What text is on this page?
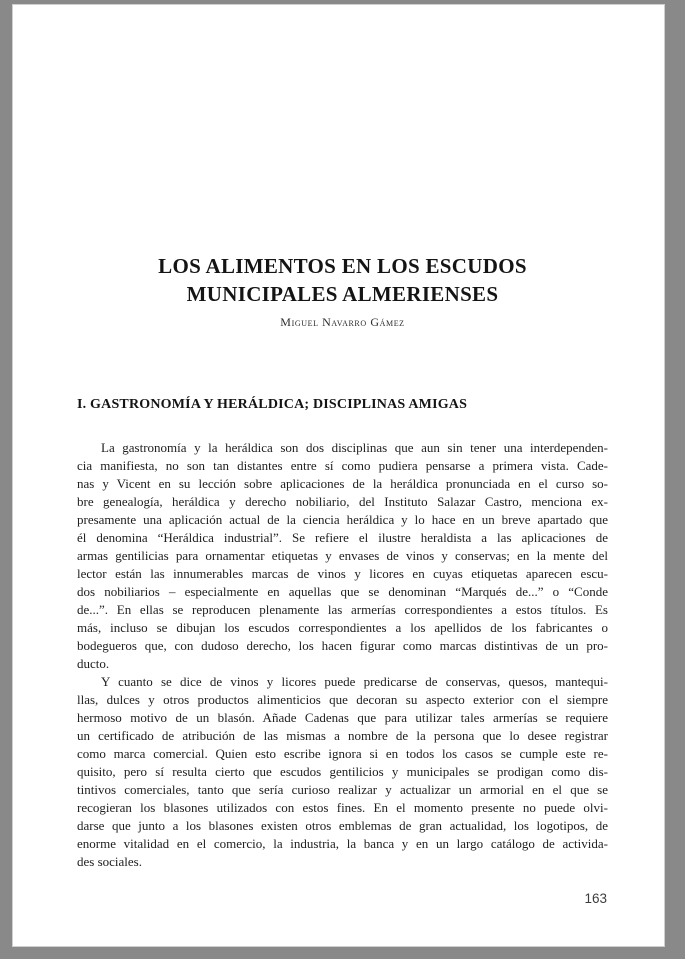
LOS ALIMENTOS EN LOS ESCUDOS
MUNICIPALES ALMERIENSES
Miguel Navarro Gámez
I. GASTRONOMÍA Y HERÁLDICA; DISCIPLINAS AMIGAS
La gastronomía y la heráldica son dos disciplinas que aun sin tener una interdependen-
cia manifiesta, no son tan distantes entre sí como pudiera pensarse a primera vista. Cade-
nas y Vicent en su lección sobre aplicaciones de la heráldica pronunciada en el curso so-
bre genealogía, heráldica y derecho nobiliario, del Instituto Salazar Castro, menciona ex-
presamente una aplicación actual de la ciencia heráldica y lo hace en un breve apartado que
él denomina “Heráldica industrial”. Se refiere el ilustre heraldista a las aplicaciones de
armas gentilicias para ornamentar etiquetas y envases de vinos y conservas; en la mente del
lector están las innumerables marcas de vinos y licores en cuyas etiquetas aparecen escu-
dos nobiliarios – especialmente en aquellas que se denominan “Marqués de...” o “Conde
de...”. En ellas se reproducen plenamente las armerías correspondientes a estos títulos. Es
más, incluso se dibujan los escudos correspondientes a los apellidos de los fabricantes o
bodegueros que, con dudoso derecho, los hacen figurar como marcas distintivas de un pro-
ducto.
Y cuanto se dice de vinos y licores puede predicarse de conservas, quesos, mantequi-
llas, dulces y otros productos alimenticios que decoran su aspecto exterior con el siempre
hermoso motivo de un blasón. Añade Cadenas que para utilizar tales armerías se requiere
un certificado de atribución de las mismas a nombre de la persona que lo desee registrar
como marca comercial. Quien esto escribe ignora si en todos los casos se cumple este re-
quisito, pero sí resulta cierto que escudos gentilicios y municipales se prodigan como dis-
tintivos comerciales, tanto que sería curioso realizar y actualizar un armorial en el que se
recogieran los blasones utilizados con estos fines. En el momento presente no puede olvi-
darse que junto a los blasones existen otros emblemas de gran actualidad, los logotipos, de
enorme vitalidad en el comercio, la industria, la banca y en un largo catálogo de activida-
des sociales.
163
